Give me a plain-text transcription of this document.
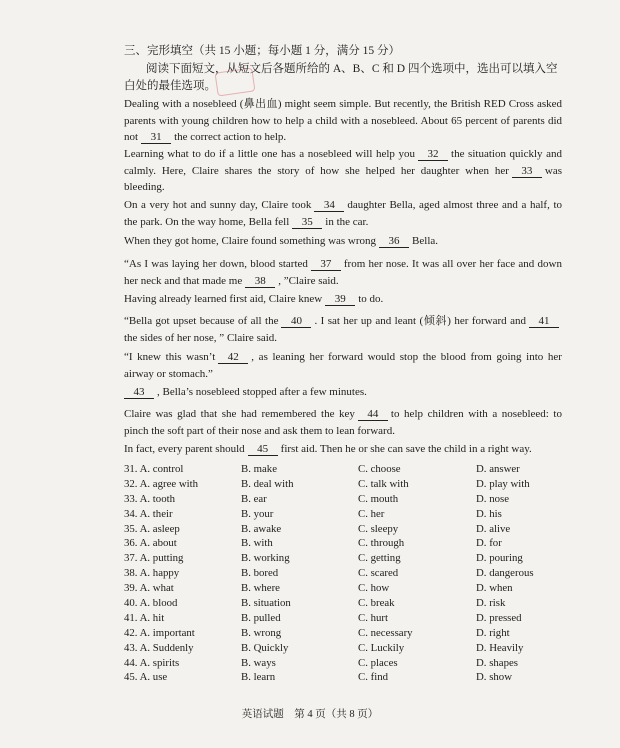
三、完形填空（共 15 小题；每小题 1 分，满分 15 分）
阅读下面短文，从短文后各题所给的 A、B、C 和 D 四个选项中，选出可以填入空白处的最佳选项。
Dealing with a nosebleed (鼻出血) might seem simple. But recently, the British RED Cross asked parents with young children how to help a child with a nosebleed. About 65 percent of parents did not 31 the correct action to help.
Learning what to do if a little one has a nosebleed will help you 32 the situation quickly and calmly. Here, Claire shares the story of how she helped her daughter when her 33 was bleeding.
On a very hot and sunny day, Claire took 34 daughter Bella, aged almost three and a half, to the park. On the way home, Bella fell 35 in the car.
When they got home, Claire found something was wrong 36 Bella.
“As I was laying her down, blood started 37 from her nose. It was all over her face and down her neck and that made me 38 , ”Claire said.
Having already learned first aid, Claire knew 39 to do.
“Bella got upset because of all the 40 . I sat her up and leant (倾斜) her forward and 41the sides of her nose, ” Claire said.
“I knew this wasn’t 42 , as leaning her forward would stop the blood from going into her airway or stomach.”
43 , Bella’s nosebleed stopped after a few minutes.
Claire was glad that she had remembered the key 44 to help children with a nosebleed: to pinch the soft part of their nose and ask them to lean forward.
In fact, every parent should 45 first aid. Then he or she can save the child in a right way.
31. A. control	B. make	C. choose	D. answer
32. A. agree with	B. deal with	C. talk with	D. play with
33. A. tooth	B. ear	C. mouth	D. nose
34. A. their	B. your	C. her	D. his
35. A. asleep	B. awake	C. sleepy	D. alive
36. A. about	B. with	C. through	D. for
37. A. putting	B. working	C. getting	D. pouring
38. A. happy	B. bored	C. scared	D. dangerous
39. A. what	B. where	C. how	D. when
40. A. blood	B. situation	C. break	D. risk
41. A. hit	B. pulled	C. hurt	D. pressed
42. A. important	B. wrong	C. necessary	D. right
43. A. Suddenly	B. Quickly	C. Luckily	D. Heavily
44. A. spirits	B. ways	C. places	D. shapes
45. A. use	B. learn	C. find	D. show
英语试题　第 4 页（共 8 页）
